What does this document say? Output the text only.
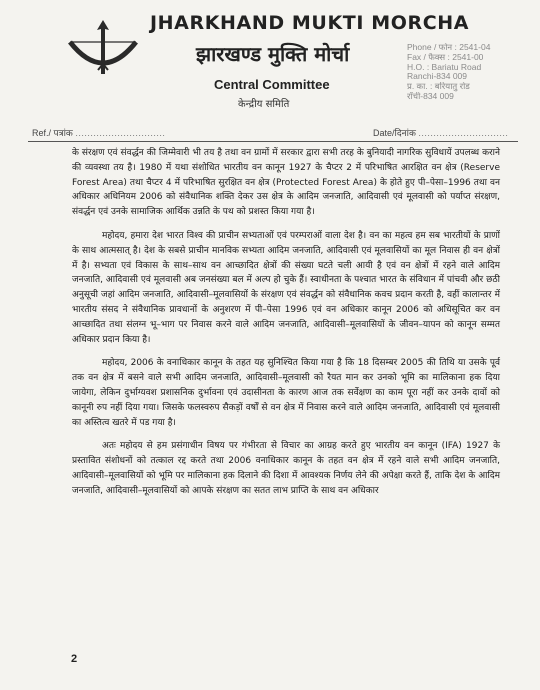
JHARKHAND MUKTI MORCHA
झारखण्ड मुक्ति मोर्चा
Central Committee
केन्द्रीय समिति
Phone / फोन : 2541-04
Fax / फैक्स : 2541-00
H.O. : Bariatu Road
Ranchi-834 009
प्र. का. : बरियातु रोड
राँची-834 009
Ref./ पत्रांक ..............................	Date/दिनांक ..............................

के संरक्षण एवं संवर्द्धन की जिम्मेवारी भी तय है तथा वन ग्रामों में सरकार द्वारा सभी तरह के बुनियादी नागरिक सुविधायें उपलब्ध कराने की व्यवस्था तय है। 1980 में यथा संशोधित भारतीय वन कानून 1927 के चैप्टर 2 में परिभाषित आरक्षित वन क्षेत्र (Reserve Forest Area) तथा चैप्टर 4 में परिभाषित सुरक्षित वन क्षेत्र (Protected Forest Area) के होते हुए पी–पेसा–1996 तथा वन अधिकार अधिनियम 2006 को संवैधानिक शक्ति देकर उस क्षेत्र के आदिम जनजाति, आदिवासी एवं मूलवासी को पर्याप्त संरक्षण, संवर्द्धन एवं उनके सामाजिक आर्थिक उन्नति के पथ को प्रशस्त किया गया है।

महोदय, हमारा देश भारत विश्व की प्राचीन सभ्यताओं एवं परम्पराओं वाला देश है। वन का महत्व हम सब भारतीयों के प्राणों के साथ आत्मसात् है। देश के सबसे प्राचीन मानविक सभ्यता आदिम जनजाति, आदिवासी एवं मूलवासियों का मूल निवास ही वन क्षेत्रों में है। सभ्यता एवं विकास के साथ–साथ वन आच्छादित क्षेत्रों की संख्या घटते चली आयी है एवं वन क्षेत्रों में रहने वाले आदिम जनजाति, आदिवासी एवं मूलवासी अब जनसंख्या बल में अल्प हो चुके हैं। स्वाधीनता के पश्चात भारत के संविधान में पांचवी और छठी अनुसूची जहां आदिम जनजाति, आदिवासी–मूलवासियों के संरक्षण एवं संवर्द्धन को संवैधानिक कवच प्रदान करती है, वहीं कालान्तर में भारतीय संसद ने संवैधानिक प्रावधानों के अनुशरण में पी–पेसा 1996 एवं वन अधिकार कानून 2006 को अधिसूचित कर वन आच्छादित तथा संलग्न भू–भाग पर निवास करने वाले आदिम जनजाति, आदिवासी–मूलवासियों के जीवन–यापन को कानून सम्मत अधिकार प्रदान किया है।

महोदय, 2006 के वनाधिकार कानून के तहत यह सुनिश्चित किया गया है कि 18 दिसम्बर 2005 की तिथि या उसके पूर्व तक वन क्षेत्र में बसने वाले सभी आदिम जनजाति, आदिवासी–मूलवासी को रैयत मान कर उनको भूमि का मालिकाना हक दिया जायेगा, लेकिन दुर्भाग्यवश प्रशासनिक दुर्भावना एवं उदासीनता के कारण आज तक सर्वेक्षण का काम पूरा नहीं कर उनके दावों को कानूनी रुप नहीं दिया गया। जिसके फलस्वरुप सैकड़ों वर्षों से वन क्षेत्र में निवास करने वाले आदिम जनजाति, आदिवासी एवं मूलवासी का अस्तित्व खतरे में पड गया है।

अतः महोदय से हम प्रसंगाधीन विषय पर गंभीरता से विचार का आग्रह करते हुए भारतीय वन कानून (IFA) 1927 के प्रस्तावित संशोधनों को तत्काल रद्द करते तथा 2006 वनाधिकार कानून के तहत वन क्षेत्र में रहने वाले सभी आदिम जनजाति, आदिवासी–मूलवासियों को भूमि पर मालिकाना हक दिलाने की दिशा में आवश्यक निर्णय लेने की अपेक्षा करते हैं, ताकि देश के आदिम जनजाति, आदिवासी–मूलवासियों को आपके संरक्षण का सतत लाभ प्राप्ति के साथ वन अधिकार

2
